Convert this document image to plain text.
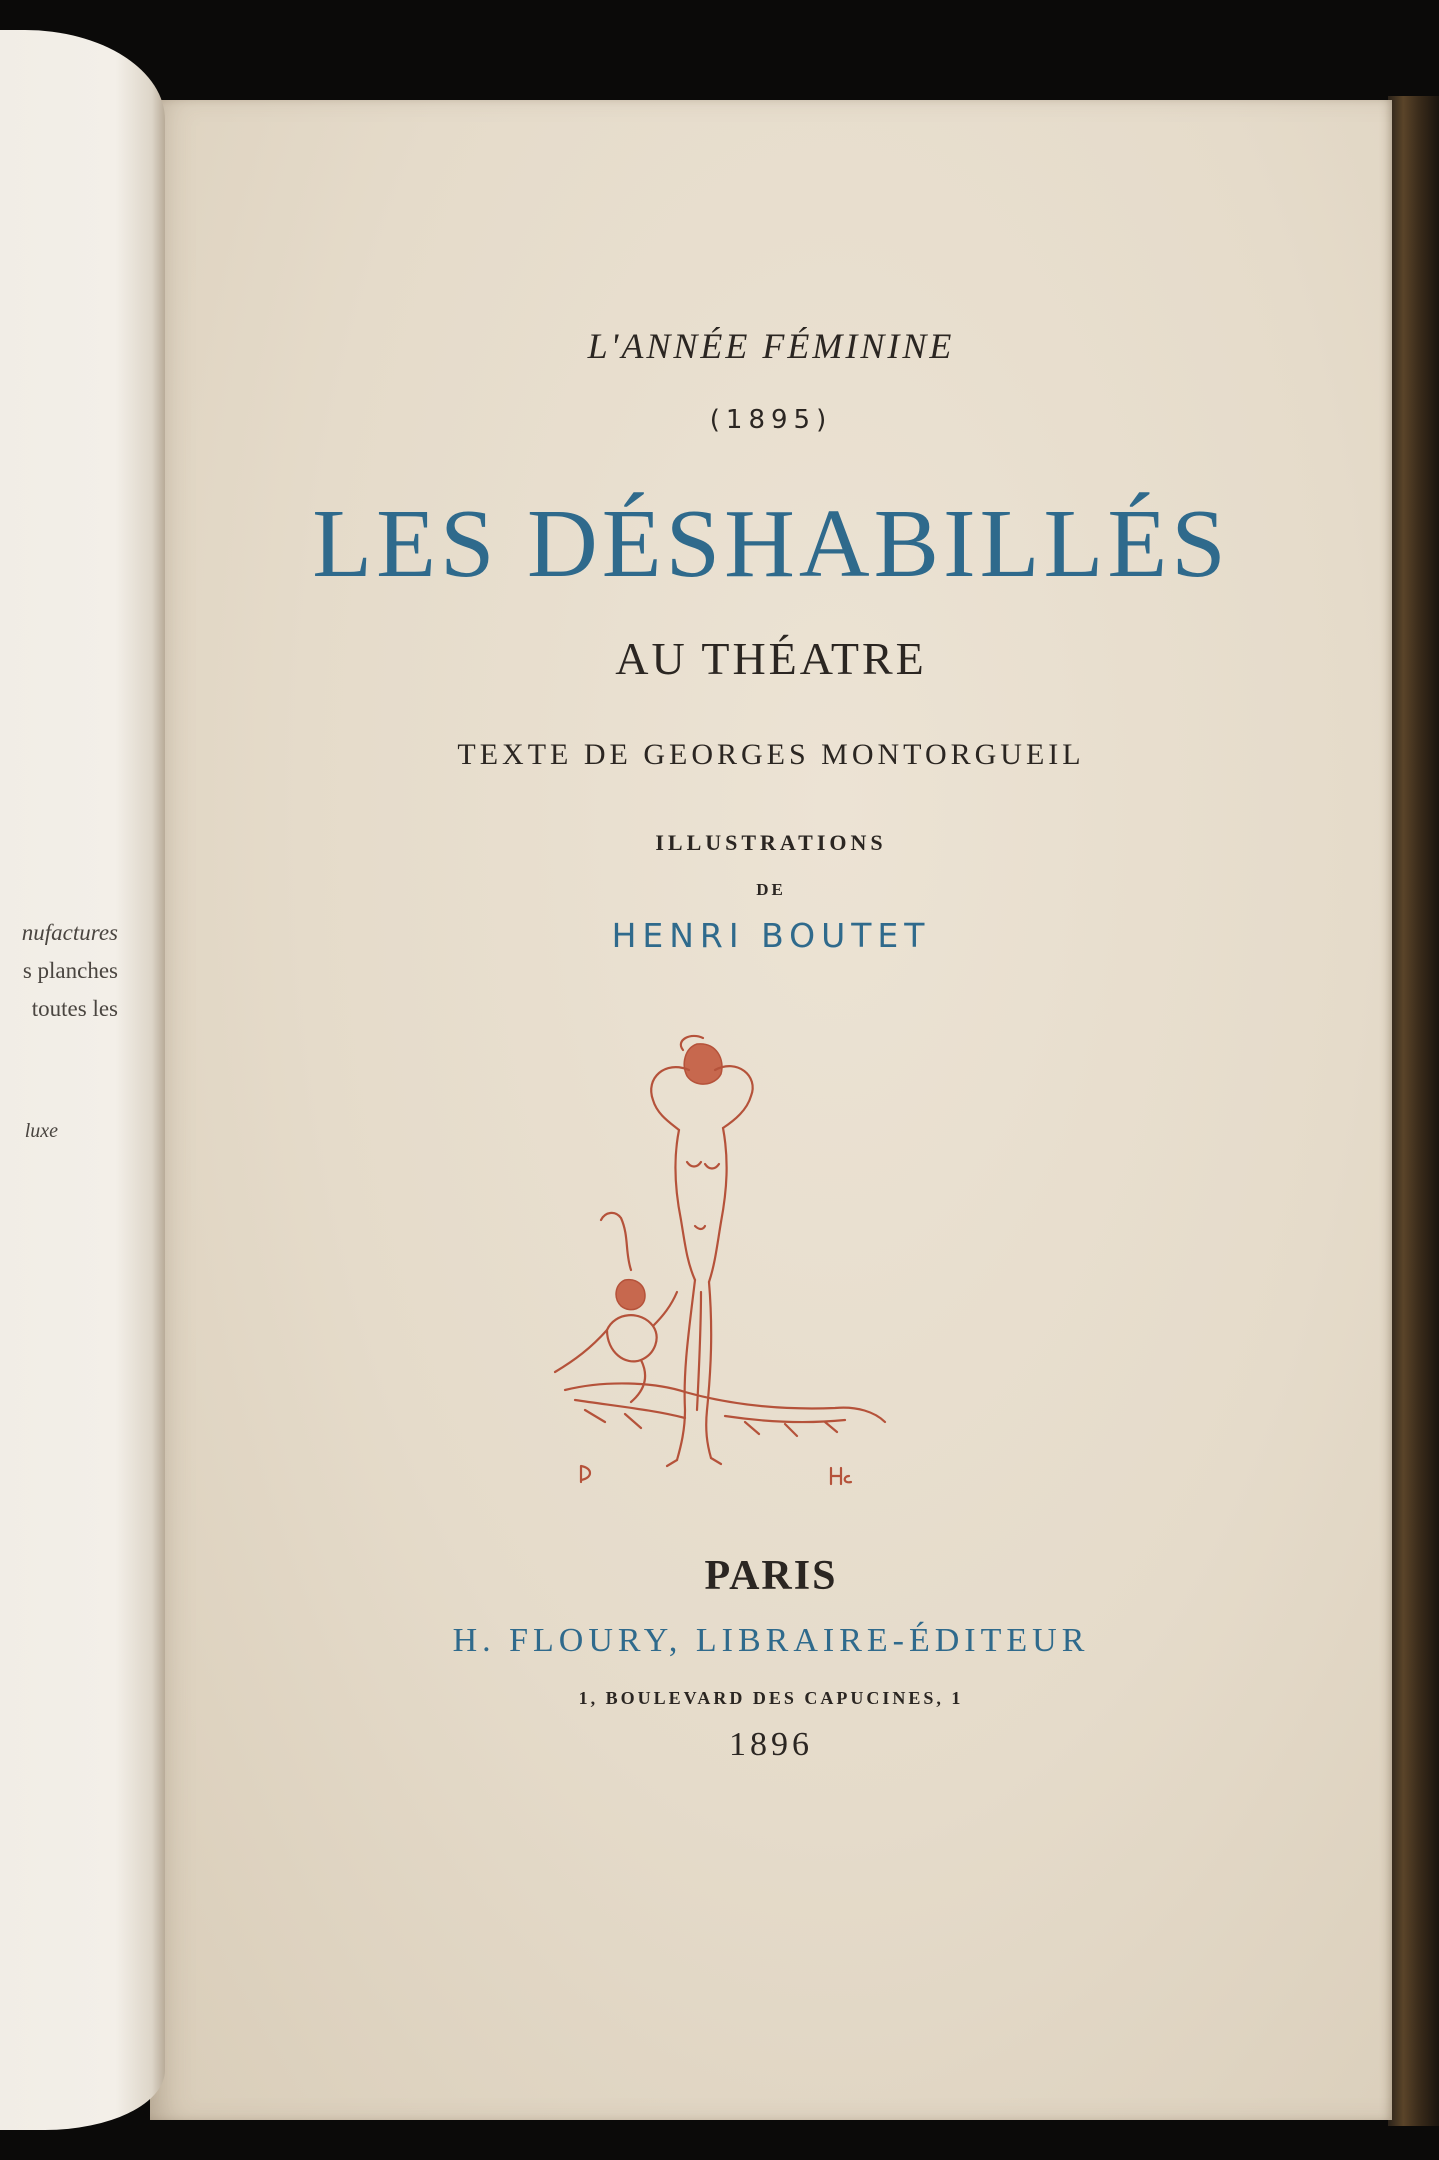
nufactures
s planches
toutes les
luxe
L'ANNÉE FÉMININE
(1895)
LES DÉSHABILLÉS
AU THÉATRE
TEXTE DE GEORGES MONTORGUEIL
ILLUSTRATIONS
DE
HENRI BOUTET
PARIS
H. FLOURY, LIBRAIRE-ÉDITEUR
1, BOULEVARD DES CAPUCINES, 1
1896
